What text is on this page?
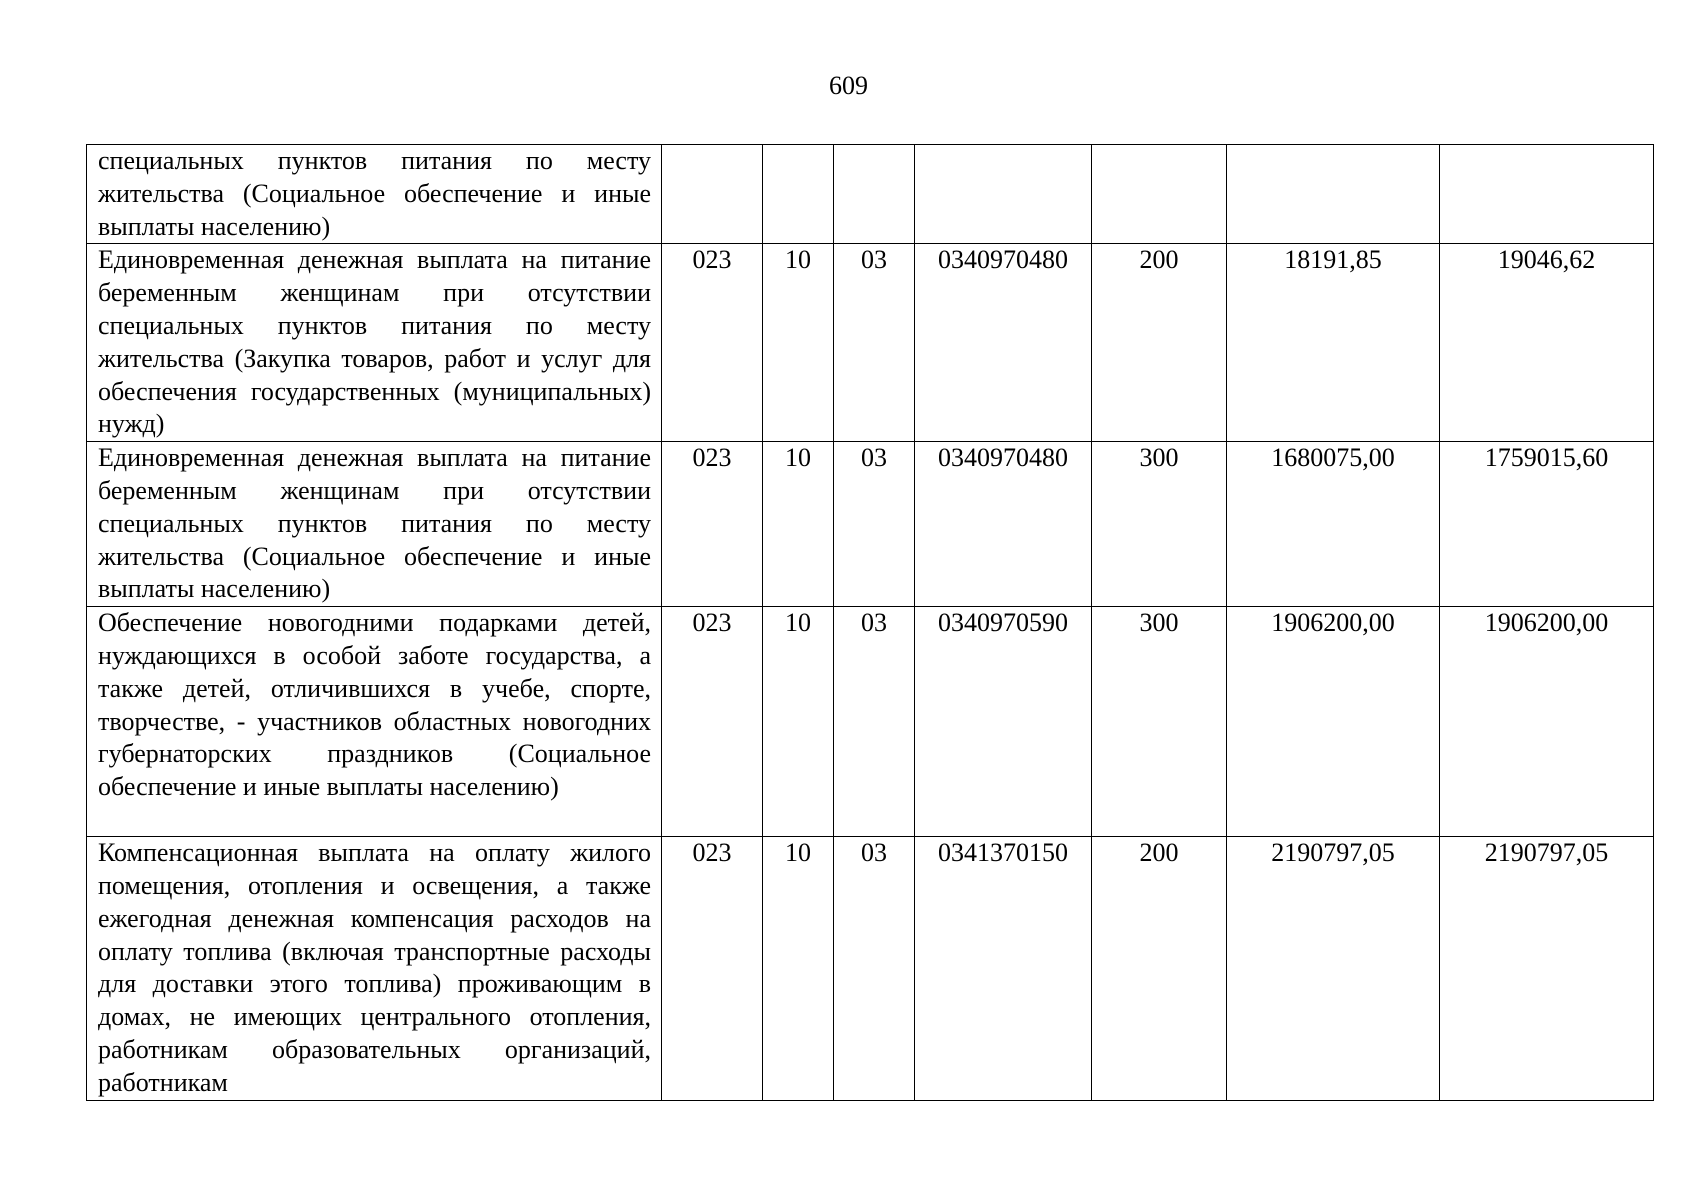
609
специальных пунктов питания по месту жительства (Социальное обеспечение и иные выплаты населению)							
Единовременная денежная выплата на питание беременным женщинам при отсутствии специальных пунктов питания по месту жительства (Закупка товаров, работ и услуг для обеспечения государственных (муниципальных) нужд)	023	10	03	0340970480	200	18191,85	19046,62
Единовременная денежная выплата на питание беременным женщинам при отсутствии специальных пунктов питания по месту жительства (Социальное обеспечение и иные выплаты населению)	023	10	03	0340970480	300	1680075,00	1759015,60
Обеспечение новогодними подарками детей, нуждающихся в особой заботе государства, а также детей, отличившихся в учебе, спорте, творчестве, - участников областных новогодних губернаторских праздников (Социальное обеспечение и иные выплаты населению)	023	10	03	0340970590	300	1906200,00	1906200,00
Компенсационная выплата на оплату жилого помещения, отопления и освещения, а также ежегодная денежная компенсация расходов на оплату топлива (включая транспортные расходы для доставки этого топлива) проживающим в домах, не имеющих центрального отопления, работникам образовательных организаций, работникам	023	10	03	0341370150	200	2190797,05	2190797,05
